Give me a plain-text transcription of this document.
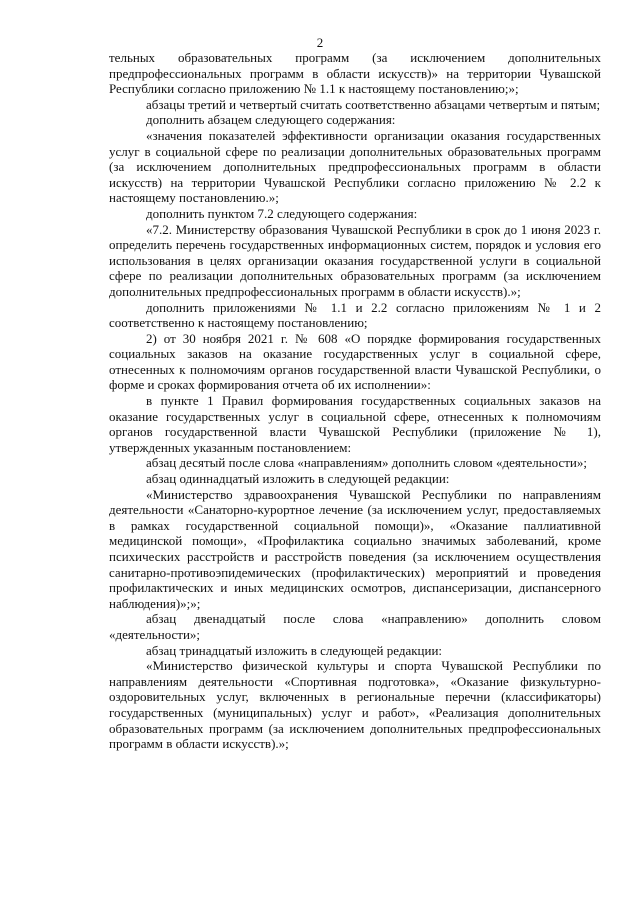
2

тельных образовательных программ (за исключением дополнительных предпрофессиональных программ в области искусств)» на территории Чувашской Республики согласно приложению № 1.1 к настоящему постановлению;»;

абзацы третий и четвертый считать соответственно абзацами четвертым и пятым;

дополнить абзацем следующего содержания:

«значения показателей эффективности организации оказания государственных услуг в социальной сфере по реализации дополнительных образовательных программ (за исключением дополнительных предпрофессиональных программ в области искусств) на территории Чувашской Республики согласно приложению № 2.2 к настоящему постановлению.»;

дополнить пунктом 7.2 следующего содержания:

«7.2. Министерству образования Чувашской Республики в срок до 1 июня 2023 г. определить перечень государственных информационных систем, порядок и условия его использования в целях организации оказания государственной услуги в социальной сфере по реализации дополнительных образовательных программ (за исключением дополнительных предпрофессиональных программ в области искусств).»;

дополнить приложениями № 1.1 и 2.2 согласно приложениям № 1 и 2 соответственно к настоящему постановлению;

2) от 30 ноября 2021 г. № 608 «О порядке формирования государственных социальных заказов на оказание государственных услуг в социальной сфере, отнесенных к полномочиям органов государственной власти Чувашской Республики, о форме и сроках формирования отчета об их исполнении»:

в пункте 1 Правил формирования государственных социальных заказов на оказание государственных услуг в социальной сфере, отнесенных к полномочиям органов государственной власти Чувашской Республики (приложение № 1), утвержденных указанным постановлением:

абзац десятый после слова «направлениям» дополнить словом «деятельности»;

абзац одиннадцатый изложить в следующей редакции:

«Министерство здравоохранения Чувашской Республики по направлениям деятельности «Санаторно-курортное лечение (за исключением услуг, предоставляемых в рамках государственной социальной помощи)», «Оказание паллиативной медицинской помощи», «Профилактика социально значимых заболеваний, кроме психических расстройств и расстройств поведения (за исключением осуществления санитарно-противоэпидемических (профилактических) мероприятий и проведения профилактических и иных медицинских осмотров, диспансеризации, диспансерного наблюдения)»;»;

абзац двенадцатый после слова «направлению» дополнить словом «деятельности»;

абзац тринадцатый изложить в следующей редакции:

«Министерство физической культуры и спорта Чувашской Республики по направлениям деятельности «Спортивная подготовка», «Оказание физкультурно-оздоровительных услуг, включенных в региональные перечни (классификаторы) государственных (муниципальных) услуг и работ», «Реализация дополнительных образовательных программ (за исключением дополнительных предпрофессиональных программ в области искусств).»;
